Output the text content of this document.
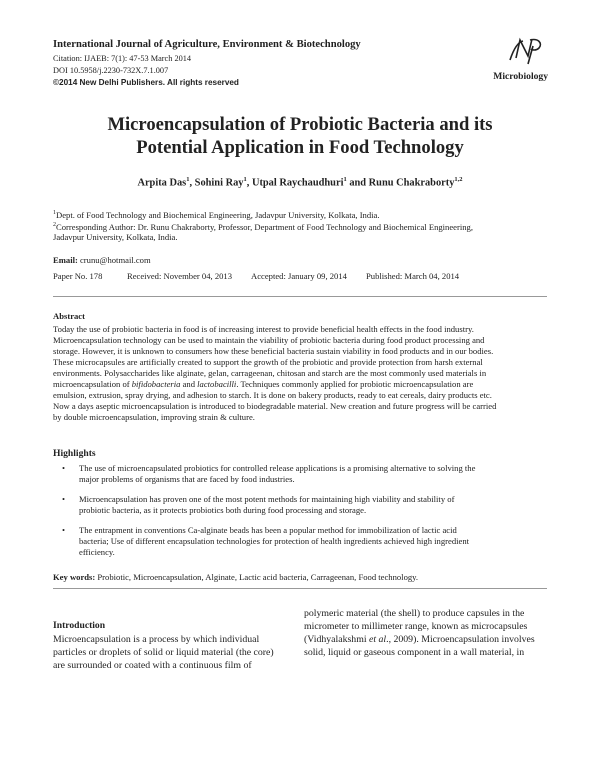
International Journal of Agriculture, Environment & Biotechnology
Citation: IJAEB: 7(1): 47-53 March 2014
DOI 10.5958/j.2230-732X.7.1.007
©2014 New Delhi Publishers. All rights reserved
Microbiology
Microencapsulation of Probiotic Bacteria and its
Potential Application in Food Technology
Arpita Das$^1$, Sohini Ray$^1$, Utpal Raychaudhuri$^1$ and Runu Chakraborty$^{1,2}$
$^1$Dept. of Food Technology and Biochemical Engineering, Jadavpur University, Kolkata, India.
$^2$Corresponding Author: Dr. Runu Chakraborty, Professor, Department of Food Technology and Biochemical Engineering,
Jadavpur University, Kolkata, India.
Email: crunu@hotmail.com
Paper No. 178	Received: November 04, 2013 Accepted: January 09, 2014 Published: March 04, 2014
Abstract
Today the use of probiotic bacteria in food is of increasing interest to provide beneficial health effects in the food industry.
Microencapsulation technology can be used to maintain the viability of probiotic bacteria during food product processing and
storage. However, it is unknown to consumers how these beneficial bacteria sustain viability in food products and in our bodies.
These microcapsules are artificially created to support the growth of the probiotic and provide protection from harsh external
environments. Polysaccharides like alginate, gelan, carrageenan, chitosan and starch are the most commonly used materials in
microencapsulation of bifidobacteria and lactobacilli. Techniques commonly applied for probiotic microencapsulation are
emulsion, extrusion, spray drying, and adhesion to starch. It is done on bakery products, ready to eat cereals, dairy products etc.
Now a days aseptic microencapsulation is introduced to biodegradable material. New creation and future progress will be carried
by double microencapsulation, improving strain & culture.
Highlights
• The use of microencapsulated probiotics for controlled release applications is a promising alternative to solving the
major problems of organisms that are faced by food industries.
• Microencapsulation has proven one of the most potent methods for maintaining high viability and stability of
probiotic bacteria, as it protects probiotics both during food processing and storage.
• The entrapment in conventions Ca-alginate beads has been a popular method for immobilization of lactic acid
bacteria; Use of different encapsulation technologies for protection of health ingredients achieved high ingredient
efficiency.
Key words: Probiotic, Microencapsulation, Alginate, Lactic acid bacteria, Carrageenan, Food technology.
Introduction
Microencapsulation is a process by which individual
particles or droplets of solid or liquid material (the core)
are surrounded or coated with a continuous film of
polymeric material (the shell) to produce capsules in the
micrometer to millimeter range, known as microcapsules
(Vidhyalakshmi et al., 2009). Microencapsulation involves
solid, liquid or gaseous component in a wall material, in
